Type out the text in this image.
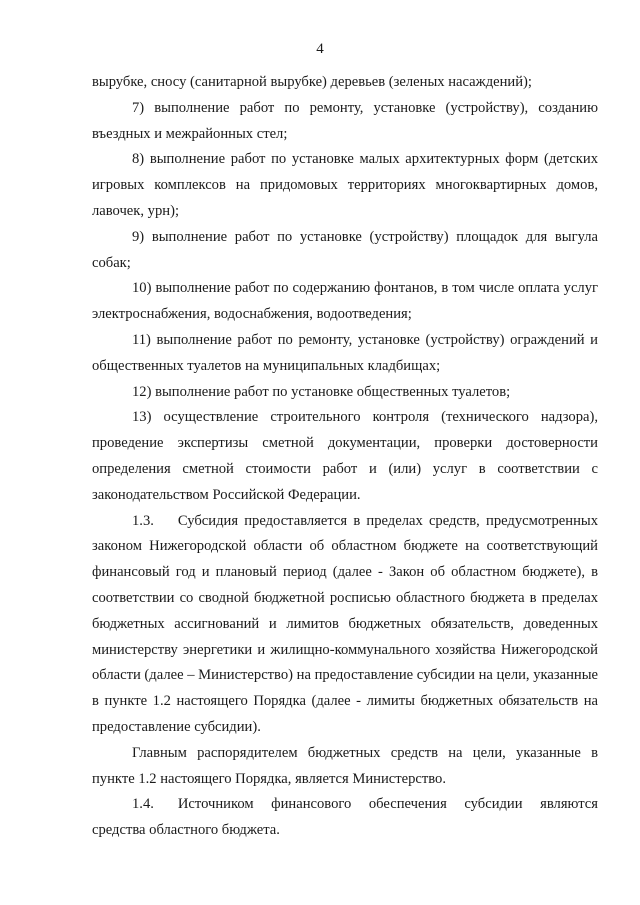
4

вырубке, сносу (санитарной вырубке) деревьев (зеленых насаждений);

7) выполнение работ по ремонту, установке (устройству), созданию въездных и межрайонных стел;

8) выполнение работ по установке малых архитектурных форм (детских игровых комплексов на придомовых территориях многоквартирных домов, лавочек, урн);

9) выполнение работ по установке (устройству) площадок для выгула собак;

10) выполнение работ по содержанию фонтанов, в том числе оплата услуг электроснабжения, водоснабжения, водоотведения;

11) выполнение работ по ремонту, установке (устройству) ограждений и общественных туалетов на муниципальных кладбищах;

12) выполнение работ по установке общественных туалетов;

13) осуществление строительного контроля (технического надзора), проведение экспертизы сметной документации, проверки достоверности определения сметной стоимости работ и (или) услуг в соответствии с законодательством Российской Федерации.

1.3. Субсидия предоставляется в пределах средств, предусмотренных законом Нижегородской области об областном бюджете на соответствующий финансовый год и плановый период (далее - Закон об областном бюджете), в соответствии со сводной бюджетной росписью областного бюджета в пределах бюджетных ассигнований и лимитов бюджетных обязательств, доведенных министерству энергетики и жилищно-коммунального хозяйства Нижегородской области (далее – Министерство) на предоставление субсидии на цели, указанные в пункте 1.2 настоящего Порядка (далее - лимиты бюджетных обязательств на предоставление субсидии).

Главным распорядителем бюджетных средств на цели, указанные в пункте 1.2 настоящего Порядка, является Министерство.

1.4. Источником финансового обеспечения субсидии являются средства областного бюджета.
